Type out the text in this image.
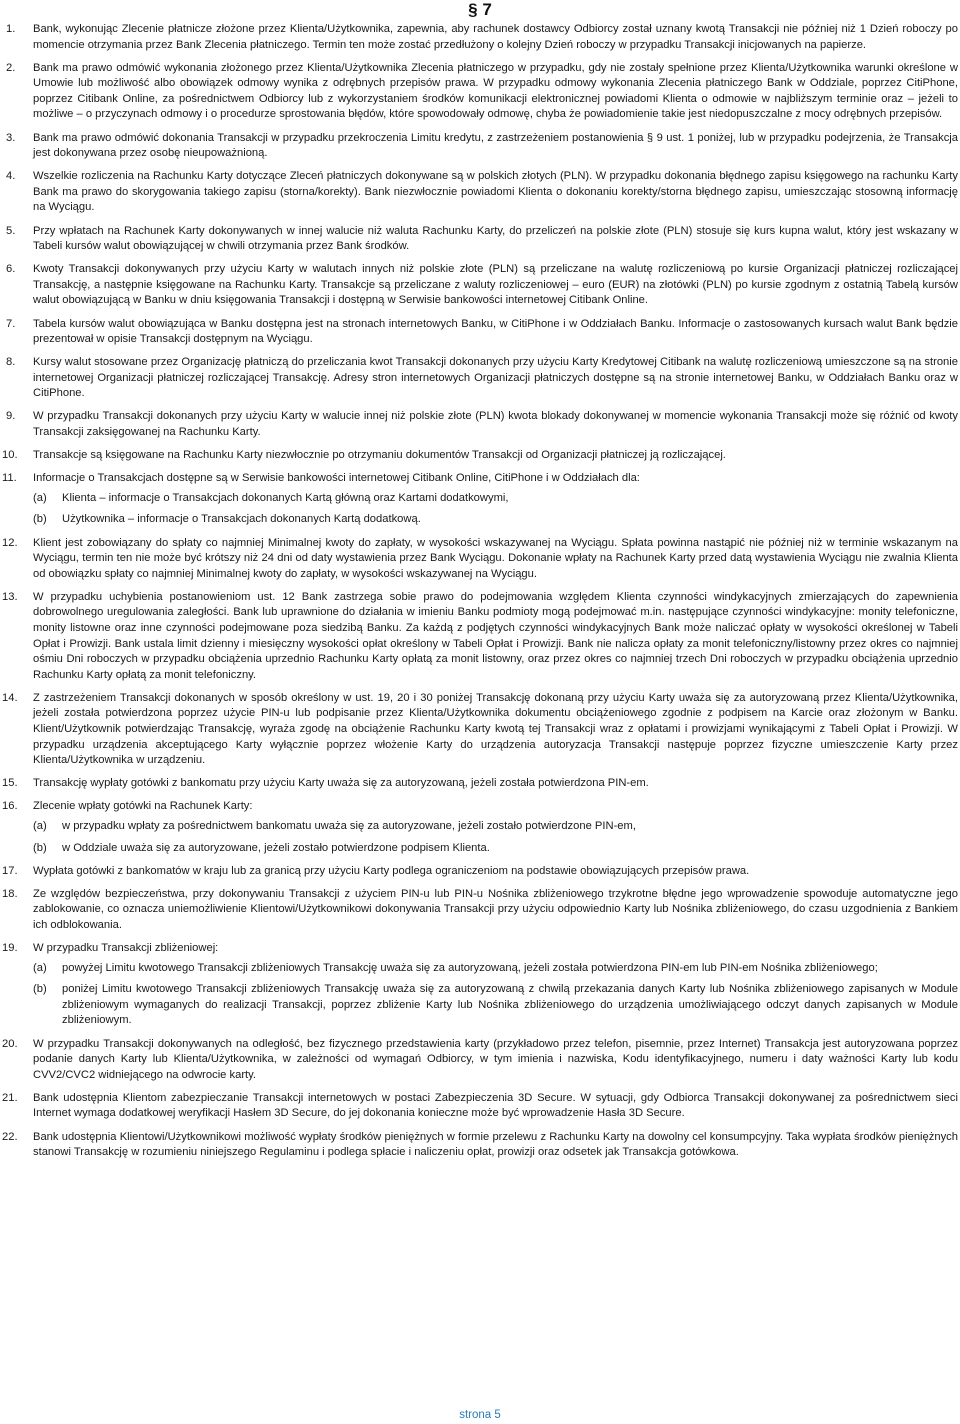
§ 7
1. Bank, wykonując Zlecenie płatnicze złożone przez Klienta/Użytkownika, zapewnia, aby rachunek dostawcy Odbiorcy został uznany kwotą Transakcji nie później niż 1 Dzień roboczy po momencie otrzymania przez Bank Zlecenia płatniczego. Termin ten może zostać przedłużony o kolejny Dzień roboczy w przypadku Transakcji inicjowanych na papierze.
2. Bank ma prawo odmówić wykonania złożonego przez Klienta/Użytkownika Zlecenia płatniczego w przypadku, gdy nie zostały spełnione przez Klienta/Użytkownika warunki określone w Umowie lub możliwość albo obowiązek odmowy wynika z odrębnych przepisów prawa. W przypadku odmowy wykonania Zlecenia płatniczego Bank w Oddziale, poprzez CitiPhone, poprzez Citibank Online, za pośrednictwem Odbiorcy lub z wykorzystaniem środków komunikacji elektronicznej powiadomi Klienta o odmowie w najbliższym terminie oraz – jeżeli to możliwe – o przyczynach odmowy i o procedurze sprostowania błędów, które spowodowały odmowę, chyba że powiadomienie takie jest niedopuszczalne z mocy odrębnych przepisów.
3. Bank ma prawo odmówić dokonania Transakcji w przypadku przekroczenia Limitu kredytu, z zastrzeżeniem postanowienia § 9 ust. 1 poniżej, lub w przypadku podejrzenia, że Transakcja jest dokonywana przez osobę nieupoważnioną.
4. Wszelkie rozliczenia na Rachunku Karty dotyczące Zleceń płatniczych dokonywane są w polskich złotych (PLN). W przypadku dokonania błędnego zapisu księgowego na rachunku Karty Bank ma prawo do skorygowania takiego zapisu (storna/korekty). Bank niezwłocznie powiadomi Klienta o dokonaniu korekty/storna błędnego zapisu, umieszczając stosowną informację na Wyciągu.
5. Przy wpłatach na Rachunek Karty dokonywanych w innej walucie niż waluta Rachunku Karty, do przeliczeń na polskie złote (PLN) stosuje się kurs kupna walut, który jest wskazany w Tabeli kursów walut obowiązującej w chwili otrzymania przez Bank środków.
6. Kwoty Transakcji dokonywanych przy użyciu Karty w walutach innych niż polskie złote (PLN) są przeliczane na walutę rozliczeniową po kursie Organizacji płatniczej rozliczającej Transakcję, a następnie księgowane na Rachunku Karty. Transakcje są przeliczane z waluty rozliczeniowej – euro (EUR) na złotówki (PLN) po kursie zgodnym z ostatnią Tabelą kursów walut obowiązującą w Banku w dniu księgowania Transakcji i dostępną w Serwisie bankowości internetowej Citibank Online.
7. Tabela kursów walut obowiązująca w Banku dostępna jest na stronach internetowych Banku, w CitiPhone i w Oddziałach Banku. Informacje o zastosowanych kursach walut Bank będzie prezentował w opisie Transakcji dostępnym na Wyciągu.
8. Kursy walut stosowane przez Organizację płatniczą do przeliczania kwot Transakcji dokonanych przy użyciu Karty Kredytowej Citibank na walutę rozliczeniową umieszczone są na stronie internetowej Organizacji płatniczej rozliczającej Transakcję. Adresy stron internetowych Organizacji płatniczych dostępne są na stronie internetowej Banku, w Oddziałach Banku oraz w CitiPhone.
9. W przypadku Transakcji dokonanych przy użyciu Karty w walucie innej niż polskie złote (PLN) kwota blokady dokonywanej w momencie wykonania Transakcji może się różnić od kwoty Transakcji zaksięgowanej na Rachunku Karty.
10. Transakcje są księgowane na Rachunku Karty niezwłocznie po otrzymaniu dokumentów Transakcji od Organizacji płatniczej ją rozliczającej.
11. Informacje o Transakcjach dostępne są w Serwisie bankowości internetowej Citibank Online, CitiPhone i w Oddziałach dla:
(a) Klienta – informacje o Transakcjach dokonanych Kartą główną oraz Kartami dodatkowymi,
(b) Użytkownika – informacje o Transakcjach dokonanych Kartą dodatkową.
12. Klient jest zobowiązany do spłaty co najmniej Minimalnej kwoty do zapłaty, w wysokości wskazywanej na Wyciągu. Spłata powinna nastąpić nie później niż w terminie wskazanym na Wyciągu, termin ten nie może być krótszy niż 24 dni od daty wystawienia przez Bank Wyciągu. Dokonanie wpłaty na Rachunek Karty przed datą wystawienia Wyciągu nie zwalnia Klienta od obowiązku spłaty co najmniej Minimalnej kwoty do zapłaty, w wysokości wskazywanej na Wyciągu.
13. W przypadku uchybienia postanowieniom ust. 12 Bank zastrzega sobie prawo do podejmowania względem Klienta czynności windykacyjnych zmierzających do zapewnienia dobrowolnego uregulowania zaległości. Bank lub uprawnione do działania w imieniu Banku podmioty mogą podejmować m.in. następujące czynności windykacyjne: monity telefoniczne, monity listowne oraz inne czynności podejmowane poza siedzibą Banku. Za każdą z podjętych czynności windykacyjnych Bank może naliczać opłaty w wysokości określonej w Tabeli Opłat i Prowizji. Bank ustala limit dzienny i miesięczny wysokości opłat określony w Tabeli Opłat i Prowizji. Bank nie nalicza opłaty za monit telefoniczny/listowny przez okres co najmniej ośmiu Dni roboczych w przypadku obciążenia uprzednio Rachunku Karty opłatą za monit listowny, oraz przez okres co najmniej trzech Dni roboczych w przypadku obciążenia uprzednio Rachunku Karty opłatą za monit telefoniczny.
14. Z zastrzeżeniem Transakcji dokonanych w sposób określony w ust. 19, 20 i 30 poniżej Transakcję dokonaną przy użyciu Karty uważa się za autoryzowaną przez Klienta/Użytkownika, jeżeli została potwierdzona poprzez użycie PIN-u lub podpisanie przez Klienta/Użytkownika dokumentu obciążeniowego zgodnie z podpisem na Karcie oraz złożonym w Banku. Klient/Użytkownik potwierdzając Transakcję, wyraża zgodę na obciążenie Rachunku Karty kwotą tej Transakcji wraz z opłatami i prowizjami wynikającymi z Tabeli Opłat i Prowizji. W przypadku urządzenia akceptującego Karty wyłącznie poprzez włożenie Karty do urządzenia autoryzacja Transakcji następuje poprzez fizyczne umieszczenie Karty przez Klienta/Użytkownika w urządzeniu.
15. Transakcję wypłaty gotówki z bankomatu przy użyciu Karty uważa się za autoryzowaną, jeżeli została potwierdzona PIN-em.
16. Zlecenie wpłaty gotówki na Rachunek Karty:
(a) w przypadku wpłaty za pośrednictwem bankomatu uważa się za autoryzowane, jeżeli zostało potwierdzone PIN-em,
(b) w Oddziale uważa się za autoryzowane, jeżeli zostało potwierdzone podpisem Klienta.
17. Wypłata gotówki z bankomatów w kraju lub za granicą przy użyciu Karty podlega ograniczeniom na podstawie obowiązujących przepisów prawa.
18. Ze względów bezpieczeństwa, przy dokonywaniu Transakcji z użyciem PIN-u lub PIN-u Nośnika zbliżeniowego trzykrotne błędne jego wprowadzenie spowoduje automatyczne jego zablokowanie, co oznacza uniemożliwienie Klientowi/Użytkownikowi dokonywania Transakcji przy użyciu odpowiednio Karty lub Nośnika zbliżeniowego, do czasu uzgodnienia z Bankiem ich odblokowania.
19. W przypadku Transakcji zbliżeniowej:
(a) powyżej Limitu kwotowego Transakcji zbliżeniowych Transakcję uważa się za autoryzowaną, jeżeli została potwierdzona PIN-em lub PIN-em Nośnika zbliżeniowego;
(b) poniżej Limitu kwotowego Transakcji zbliżeniowych Transakcję uważa się za autoryzowaną z chwilą przekazania danych Karty lub Nośnika zbliżeniowego zapisanych w Module zbliżeniowym wymaganych do realizacji Transakcji, poprzez zbliżenie Karty lub Nośnika zbliżeniowego do urządzenia umożliwiającego odczyt danych zapisanych w Module zbliżeniowym.
20. W przypadku Transakcji dokonywanych na odległość, bez fizycznego przedstawienia karty (przykładowo przez telefon, pisemnie, przez Internet) Transakcja jest autoryzowana poprzez podanie danych Karty lub Klienta/Użytkownika, w zależności od wymagań Odbiorcy, w tym imienia i nazwiska, Kodu identyfikacyjnego, numeru i daty ważności Karty lub kodu CVV2/CVC2 widniejącego na odwrocie karty.
21. Bank udostępnia Klientom zabezpieczanie Transakcji internetowych w postaci Zabezpieczenia 3D Secure. W sytuacji, gdy Odbiorca Transakcji dokonywanej za pośrednictwem sieci Internet wymaga dodatkowej weryfikacji Hasłem 3D Secure, do jej dokonania konieczne może być wprowadzenie Hasła 3D Secure.
22. Bank udostępnia Klientowi/Użytkownikowi możliwość wypłaty środków pieniężnych w formie przelewu z Rachunku Karty na dowolny cel konsumpcyjny. Taka wypłata środków pieniężnych stanowi Transakcję w rozumieniu niniejszego Regulaminu i podlega spłacie i naliczeniu opłat, prowizji oraz odsetek jak Transakcja gotówkowa.
strona 5
